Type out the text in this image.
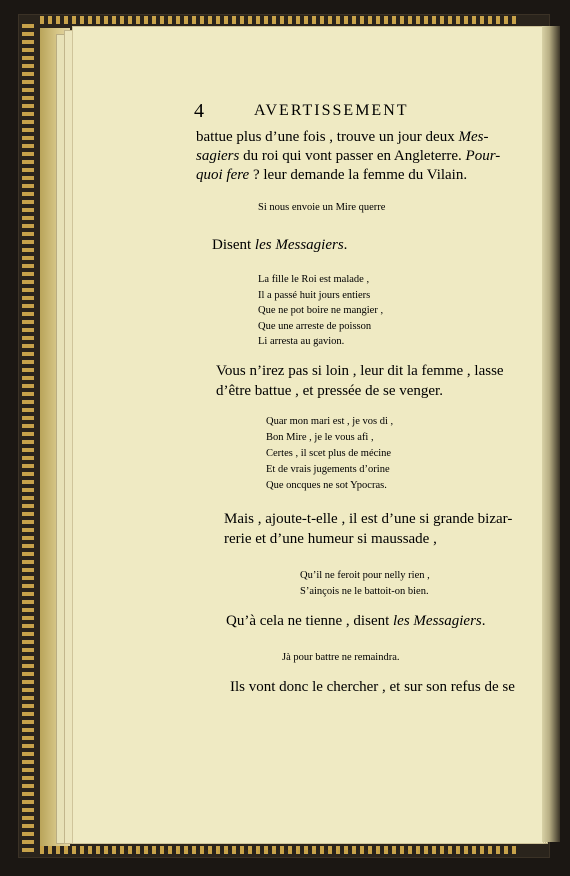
4	AVERTISSEMENT
battue plus d’une fois , trouve un jour deux Mes-
sagiers du roi qui vont passer en Angleterre. Pour-
quoi fere ? leur demande la femme du Vilain.
Si nous envoie un Mire querre
Disent les Messagiers.
La fille le Roi est malade ,
Il a passé huit jours entiers
Que ne pot boire ne mangier ,
Que une arreste de poisson
Li arresta au gavion.
Vous n’irez pas si loin , leur dit la femme , lasse
d’être battue , et pressée de se venger.
Quar mon mari est , je vos di ,
Bon Mire , je le vous afi ,
Certes , il scet plus de mécine
Et de vrais jugements d’orine
Que oncques ne sot Ypocras.
Mais , ajoute-t-elle , il est d’une si grande bizar-
rerie et d’une humeur si maussade ,
Qu’il ne feroit pour nelly rien ,
S’ainçois ne le battoit-on bien.
Qu’à cela ne tienne , disent les Messagiers.
Jà pour battre ne remaindra.
Ils vont donc le chercher , et sur son refus de se
